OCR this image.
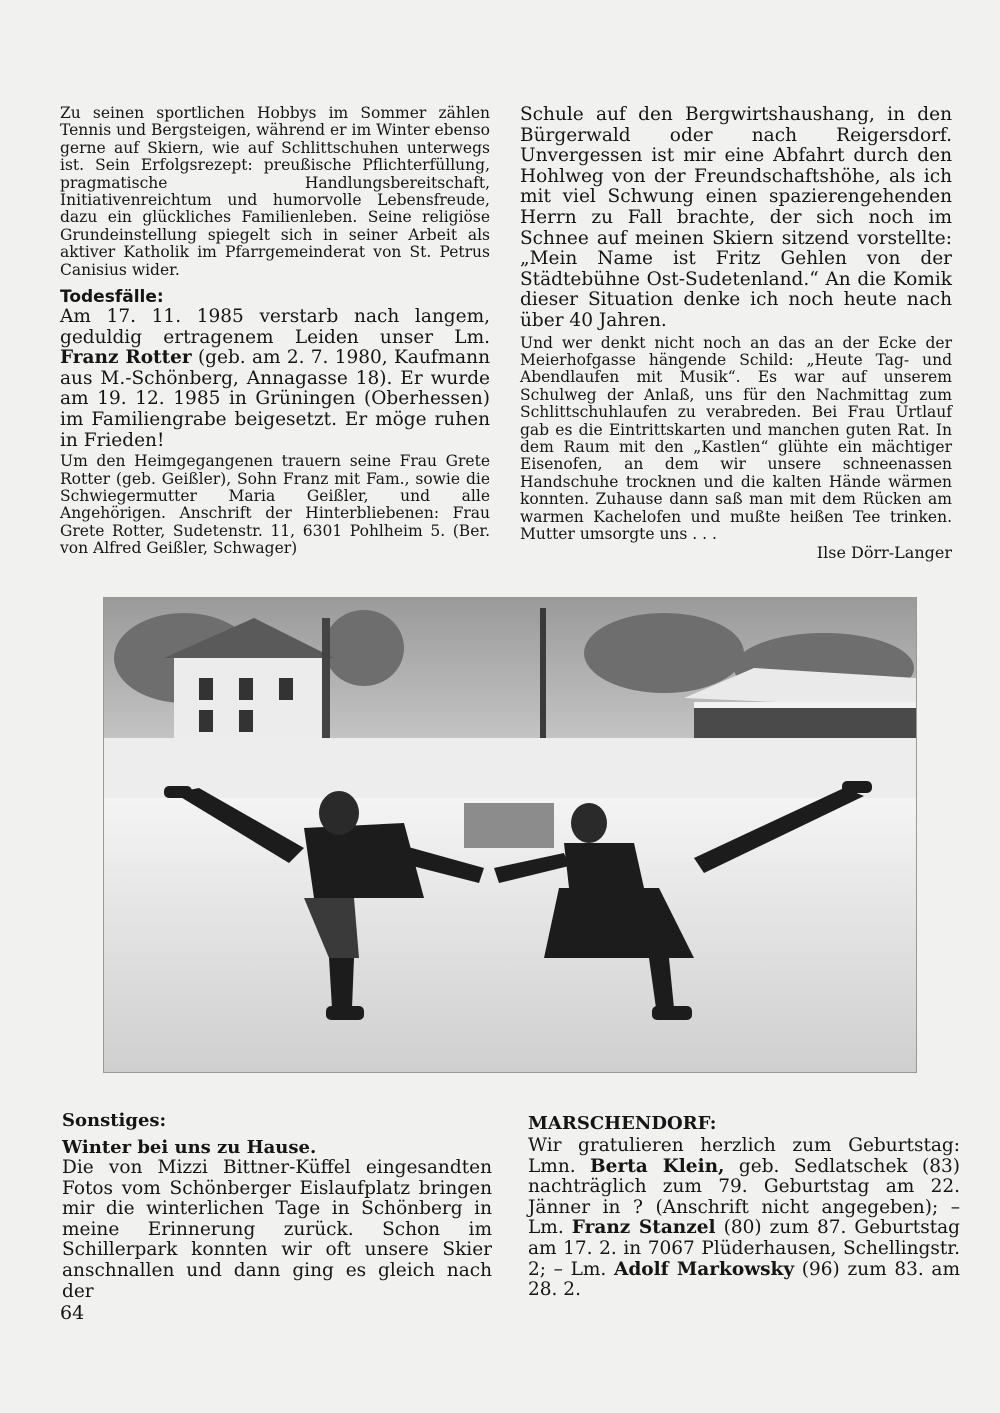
Zu seinen sportlichen Hobbys im Sommer zählen Tennis und Bergsteigen, während er im Winter ebenso gerne auf Skiern, wie auf Schlittschuhen unterwegs ist. Sein Erfolgsrezept: preußische Pflichterfüllung, pragmatische Handlungsbereitschaft, Initiativenreichtum und humorvolle Lebensfreude, dazu ein glückliches Familienleben. Seine religiöse Grundeinstellung spiegelt sich in seiner Arbeit als aktiver Katholik im Pfarrgemeinderat von St. Petrus Canisius wider.

Todesfälle:

Am 17. 11. 1985 verstarb nach langem, geduldig ertragenem Leiden unser Lm. Franz Rotter (geb. am 2. 7. 1980, Kaufmann aus M.-Schönberg, Annagasse 18). Er wurde am 19. 12. 1985 in Grüningen (Oberhessen) im Familiengrabe beigesetzt. Er möge ruhen in Frieden!

Um den Heimgegangenen trauern seine Frau Grete Rotter (geb. Geißler), Sohn Franz mit Fam., sowie die Schwiegermutter Maria Geißler, und alle Angehörigen. Anschrift der Hinterbliebenen: Frau Grete Rotter, Sudetenstr. 11, 6301 Pohlheim 5. (Ber. von Alfred Geißler, Schwager)

Schule auf den Bergwirtshaushang, in den Bürgerwald oder nach Reigersdorf. Unvergessen ist mir eine Abfahrt durch den Hohlweg von der Freundschaftshöhe, als ich mit viel Schwung einen spazierengehenden Herrn zu Fall brachte, der sich noch im Schnee auf meinen Skiern sitzend vorstellte: „Mein Name ist Fritz Gehlen von der Städtebühne Ost-Sudetenland.“ An die Komik dieser Situation denke ich noch heute nach über 40 Jahren.

Und wer denkt nicht noch an das an der Ecke der Meierhofgasse hängende Schild: „Heute Tag- und Abendlaufen mit Musik“. Es war auf unserem Schulweg der Anlaß, uns für den Nachmittag zum Schlittschuhlaufen zu verabreden. Bei Frau Urtlauf gab es die Eintrittskarten und manchen guten Rat. In dem Raum mit den „Kastlen“ glühte ein mächtiger Eisenofen, an dem wir unsere schneenassen Handschuhe trocknen und die kalten Hände wärmen konnten. Zuhause dann saß man mit dem Rücken am warmen Kachelofen und mußte heißen Tee trinken. Mutter umsorgte uns . . .

Ilse Dörr-Langer

Sonstiges:

Winter bei uns zu Hause.

Die von Mizzi Bittner-Küffel eingesandten Fotos vom Schönberger Eislaufplatz bringen mir die winterlichen Tage in Schönberg in meine Erinnerung zurück. Schon im Schillerpark konnten wir oft unsere Skier anschnallen und dann ging es gleich nach der

MARSCHENDORF:

Wir gratulieren herzlich zum Geburtstag: Lmn. Berta Klein, geb. Sedlatschek (83) nachträglich zum 79. Geburtstag am 22. Jänner in ? (Anschrift nicht angegeben); – Lm. Franz Stanzel (80) zum 87. Geburtstag am 17. 2. in 7067 Plüderhausen, Schellingstr. 2; – Lm. Adolf Markowsky (96) zum 83. am 28. 2.

64
